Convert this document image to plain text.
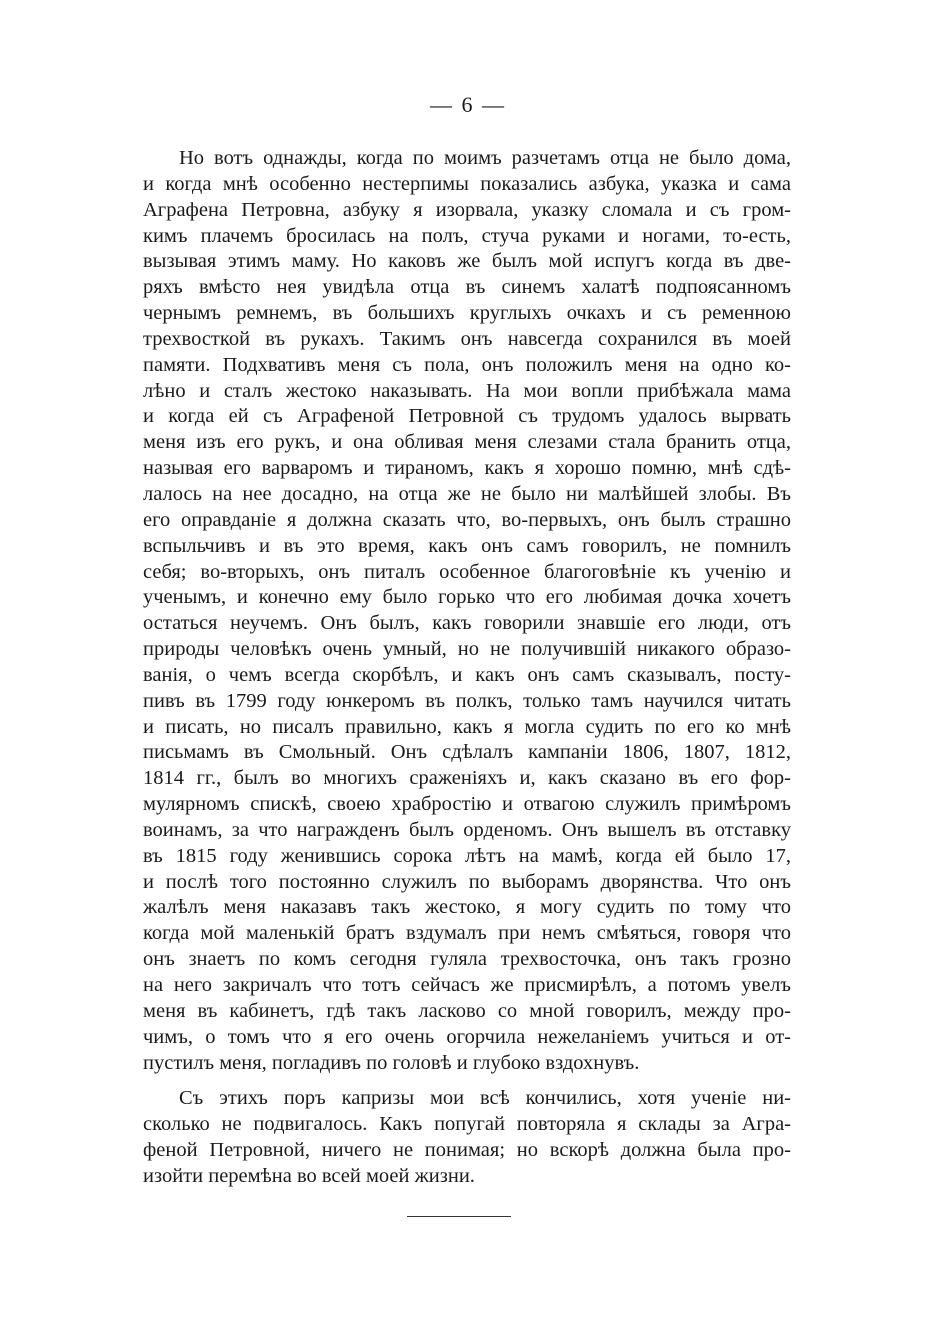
— 6 —
Но вотъ однажды, когда по моимъ разчетамъ отца не было дома,
и когда мнѣ особенно нестерпимы показались азбука, указка и сама
Аграфена Петровна, азбуку я изорвала, указку сломала и съ гром-
кимъ плачемъ бросилась на полъ, стуча руками и ногами, то-есть,
вызывая этимъ маму. Но каковъ же былъ мой испугъ когда въ две-
ряхъ вмѣсто нея увидѣла отца въ синемъ халатѣ подпоясанномъ
чернымъ ремнемъ, въ большихъ круглыхъ очкахъ и съ ременною
трехвосткой въ рукахъ. Такимъ онъ навсегда сохранился въ моей
памяти. Подхвативъ меня съ пола, онъ положилъ меня на одно ко-
лѣно и сталъ жестоко наказывать. На мои вопли прибѣжала мама
и когда ей съ Аграфеной Петровной съ трудомъ удалось вырвать
меня изъ его рукъ, и она обливая меня слезами стала бранить отца,
называя его варваромъ и тираномъ, какъ я хорошо помню, мнѣ сдѣ-
лалось на нее досадно, на отца же не было ни малѣйшей злобы. Въ
его оправданіе я должна сказать что, во-первыхъ, онъ былъ страшно
вспыльчивъ и въ это время, какъ онъ самъ говорилъ, не помнилъ
себя; во-вторыхъ, онъ питалъ особенное благоговѣніе къ ученію и
ученымъ, и конечно ему было горько что его любимая дочка хочетъ
остаться неучемъ. Онъ былъ, какъ говорили знавшіе его люди, отъ
природы человѣкъ очень умный, но не получившій никакого образо-
ванія, о чемъ всегда скорбѣлъ, и какъ онъ самъ сказывалъ, посту-
пивъ въ 1799 году юнкеромъ въ полкъ, только тамъ научился читать
и писать, но писалъ правильно, какъ я могла судить по его ко мнѣ
письмамъ въ Смольный. Онъ сдѣлалъ кампаніи 1806, 1807, 1812,
1814 гг., былъ во многихъ сраженіяхъ и, какъ сказано въ его фор-
мулярномъ спискѣ, своею храбростію и отвагою служилъ примѣромъ
воинамъ, за что награжденъ былъ орденомъ. Онъ вышелъ въ отставку
въ 1815 году женившись сорока лѣтъ на мамѣ, когда ей было 17,
и послѣ того постоянно служилъ по выборамъ дворянства. Что онъ
жалѣлъ меня наказавъ такъ жестоко, я могу судить по тому что
когда мой маленькій братъ вздумалъ при немъ смѣяться, говоря что
онъ знаетъ по комъ сегодня гуляла трехвосточка, онъ такъ грозно
на него закричалъ что тотъ сейчасъ же присмирѣлъ, а потомъ увелъ
меня въ кабинетъ, гдѣ такъ ласково со мной говорилъ, между про-
чимъ, о томъ что я его очень огорчила нежеланіемъ учиться и от-
пустилъ меня, погладивъ по головѣ и глубоко вздохнувъ.
Съ этихъ поръ капризы мои всѣ кончились, хотя ученіе ни-
сколько не подвигалось. Какъ попугай повторяла я склады за Агра-
феной Петровной, ничего не понимая; но вскорѣ должна была про-
изойти перемѣна во всей моей жизни.
